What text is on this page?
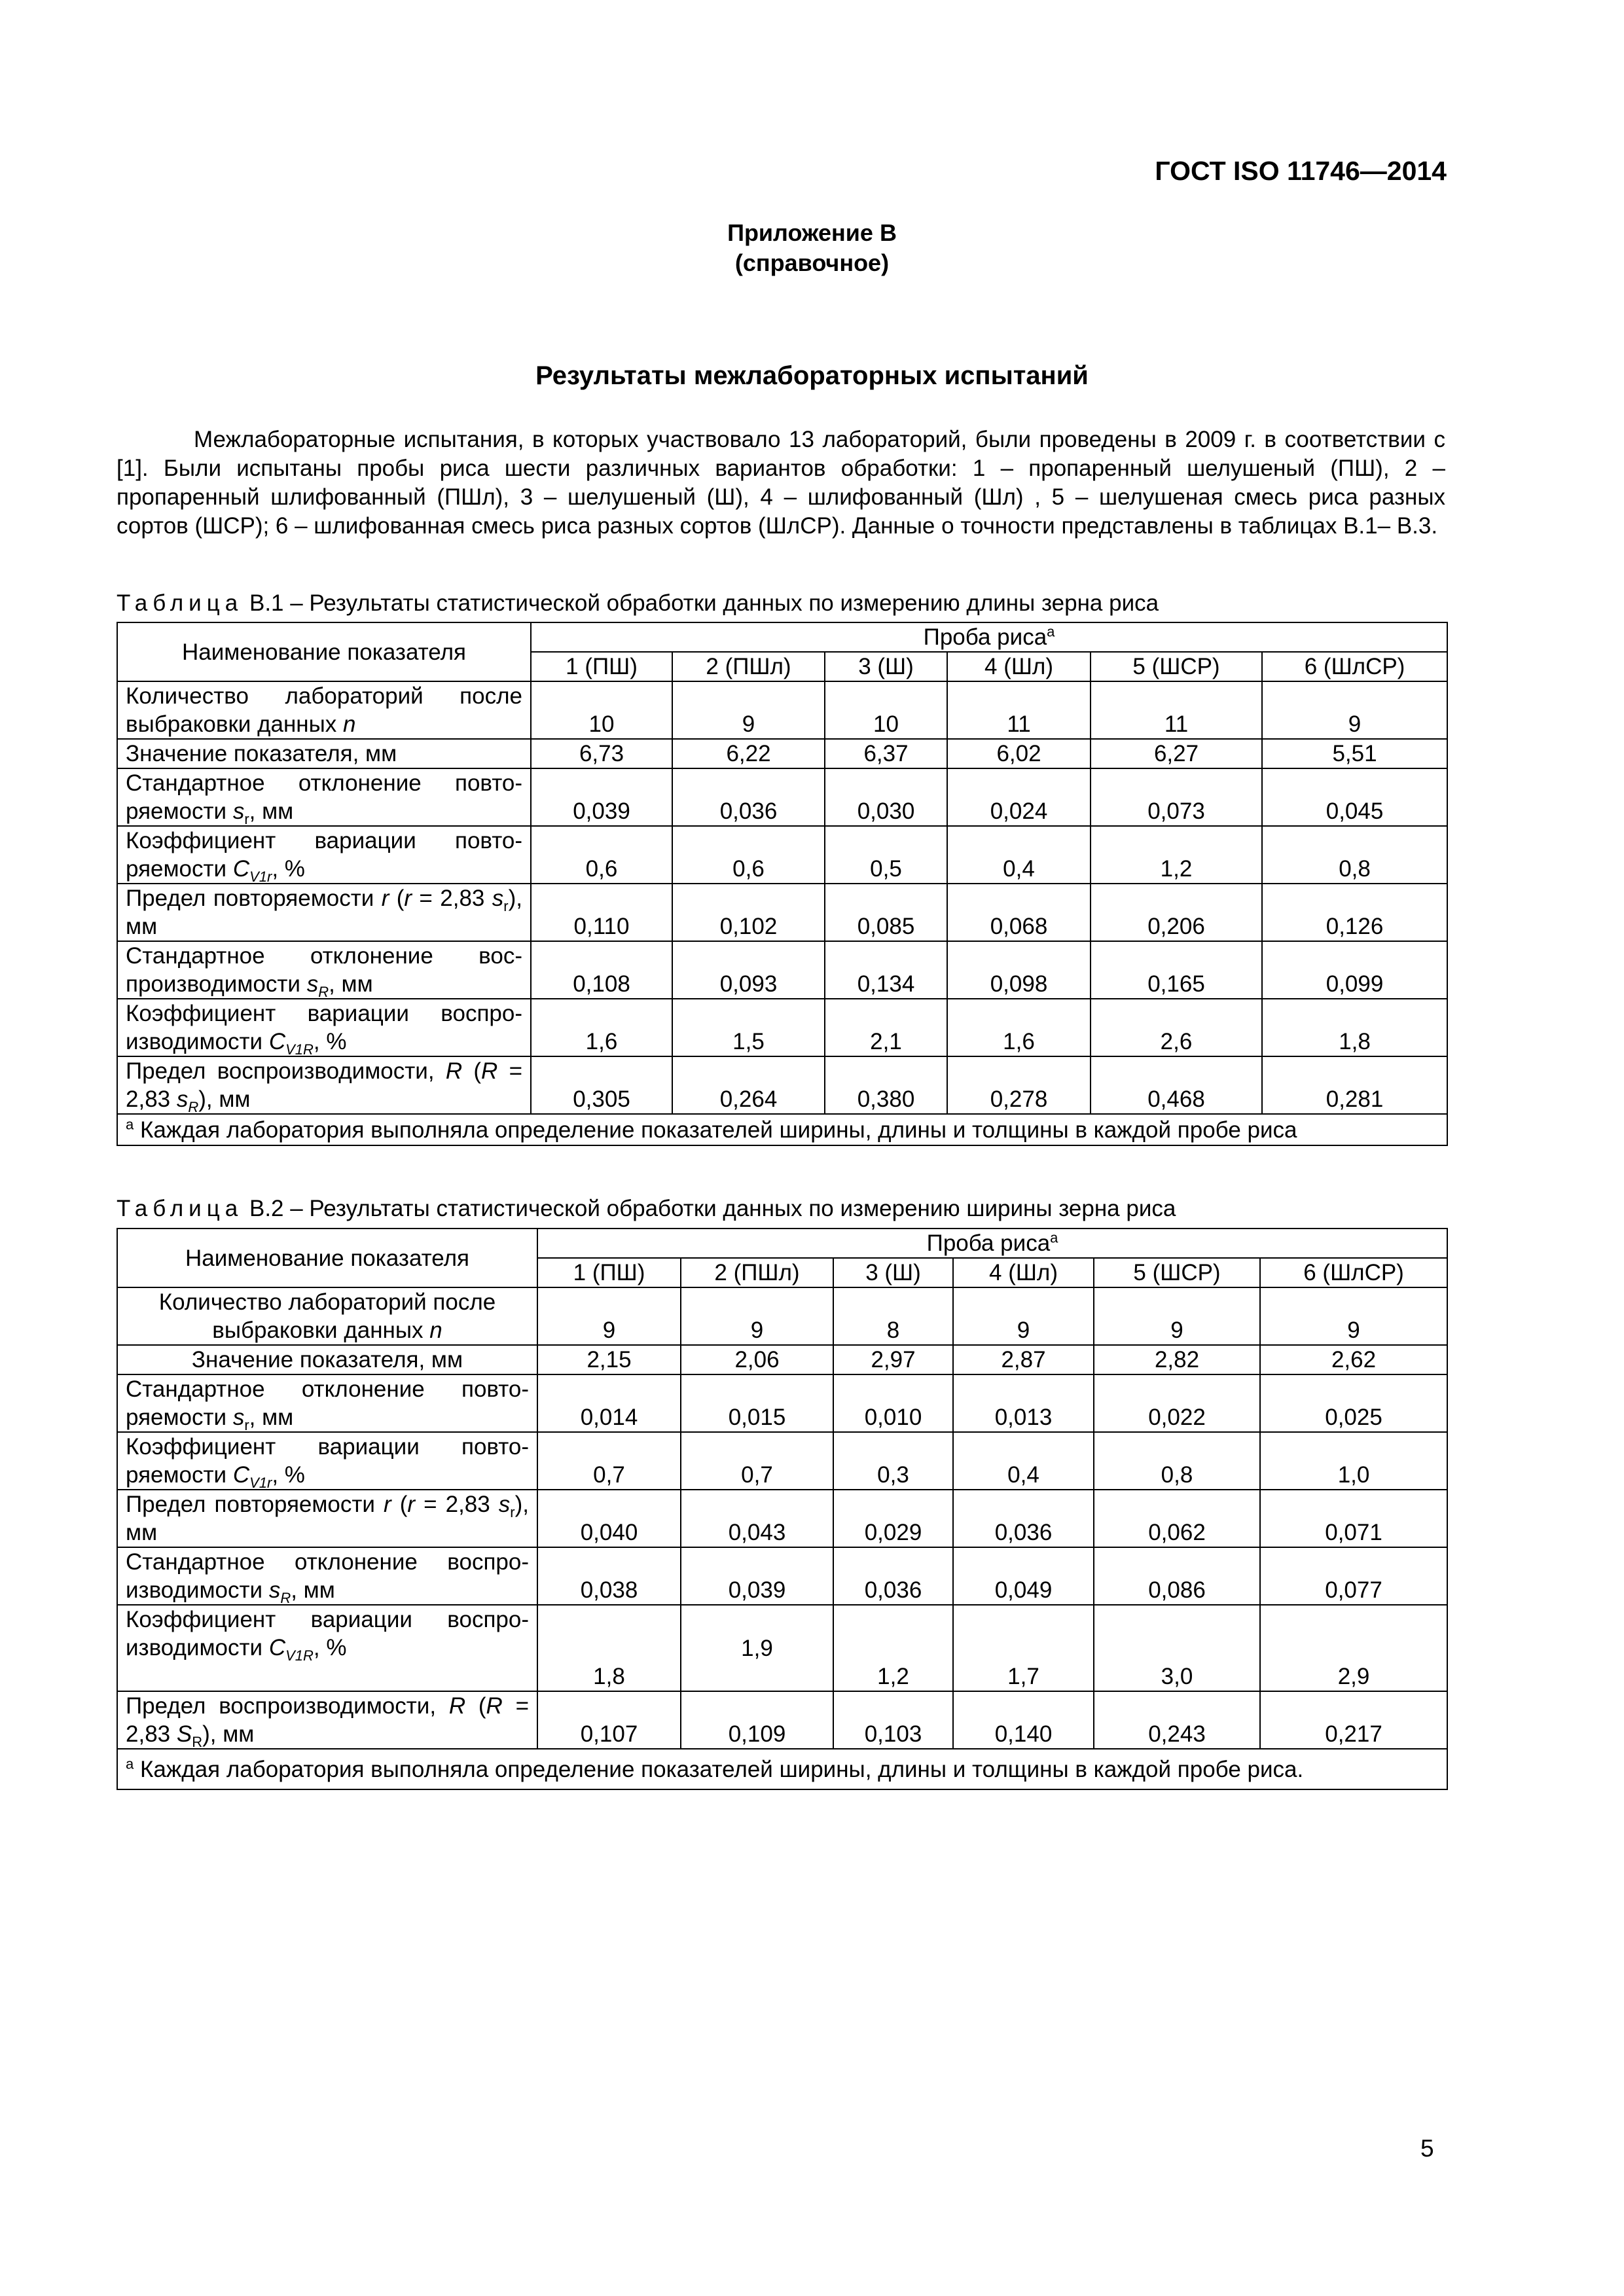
ГОСТ ISO 11746—2014

Приложение В
(справочное)
Результаты межлабораторных испытаний

Межлабораторные испытания, в которых участвовало 13 лабораторий, были проведены в 2009 г. в соответствии с [1]. Были испытаны пробы риса шести различных вариантов обработки: 1 – пропаренный шелушеный (ПШ), 2 – пропаренный шлифованный (ПШл), 3 – шелушеный (Ш), 4 – шлифованный (Шл) , 5 – шелушеная смесь риса разных сортов (ШСР); 6 – шлифованная смесь риса разных сортов (ШлСР). Данные о точности представлены в таблицах В.1– В.3.

Таблица В.1 – Результаты статистической обработки данных по измерению длины зерна риса

Наименование показателя	Проба риса$^a$
	1 (ПШ)	2 (ПШл)	3 (Ш)	4 (Шл)	5 (ШСР)	6 (ШлСР)
Количество лабораторий после выбраковки данных n	10	9	10	11	11	9
Значение показателя, мм	6,73	6,22	6,37	6,02	6,27	5,51
Стандартное отклонение повто-ряемости $s_r$, мм	0,039	0,036	0,030	0,024	0,073	0,045
Коэффициент вариации повто-ряемости $C_{V1r}$, %	0,6	0,6	0,5	0,4	1,2	0,8
Предел повторяемости r (r = 2,83 $s_r$), мм	0,110	0,102	0,085	0,068	0,206	0,126
Стандартное отклонение вос-производимости $s_R$, мм	0,108	0,093	0,134	0,098	0,165	0,099
Коэффициент вариации воспро-изводимости $C_{V1R}$, %	1,6	1,5	2,1	1,6	2,6	1,8
Предел воспроизводимости, R (R = 2,83 $s_R$), мм	0,305	0,264	0,380	0,278	0,468	0,281
$^a$ Каждая лаборатория выполняла определение показателей ширины, длины и толщины в каждой пробе риса						

Таблица В.2 – Результаты статистической обработки данных по измерению ширины зерна риса

Наименование показателя	Проба риса$^a$
	1 (ПШ)	2 (ПШл)	3 (Ш)	4 (Шл)	5 (ШСР)	6 (ШлСР)
Количество лабораторий после выбраковки данных n	9	9	8	9	9	9
Значение показателя, мм	2,15	2,06	2,97	2,87	2,82	2,62
Стандартное отклонение повто-ряемости $s_r$, мм	0,014	0,015	0,010	0,013	0,022	0,025
Коэффициент вариации повто-ряемости $C_{V1r}$, %	0,7	0,7	0,3	0,4	0,8	1,0
Предел повторяемости r (r = 2,83 $s_r$), мм	0,040	0,043	0,029	0,036	0,062	0,071
Стандартное отклонение воспро-изводимости $s_R$, мм	0,038	0,039	0,036	0,049	0,086	0,077
Коэффициент вариации воспро-изводимости $C_{V1R}$, %	1,8	1,9	1,2	1,7	3,0	2,9
Предел воспроизводимости, R (R = 2,83 $S_R$), мм	0,107	0,109	0,103	0,140	0,243	0,217
$^a$ Каждая лаборатория выполняла определение показателей ширины, длины и толщины в каждой пробе риса.						

5
